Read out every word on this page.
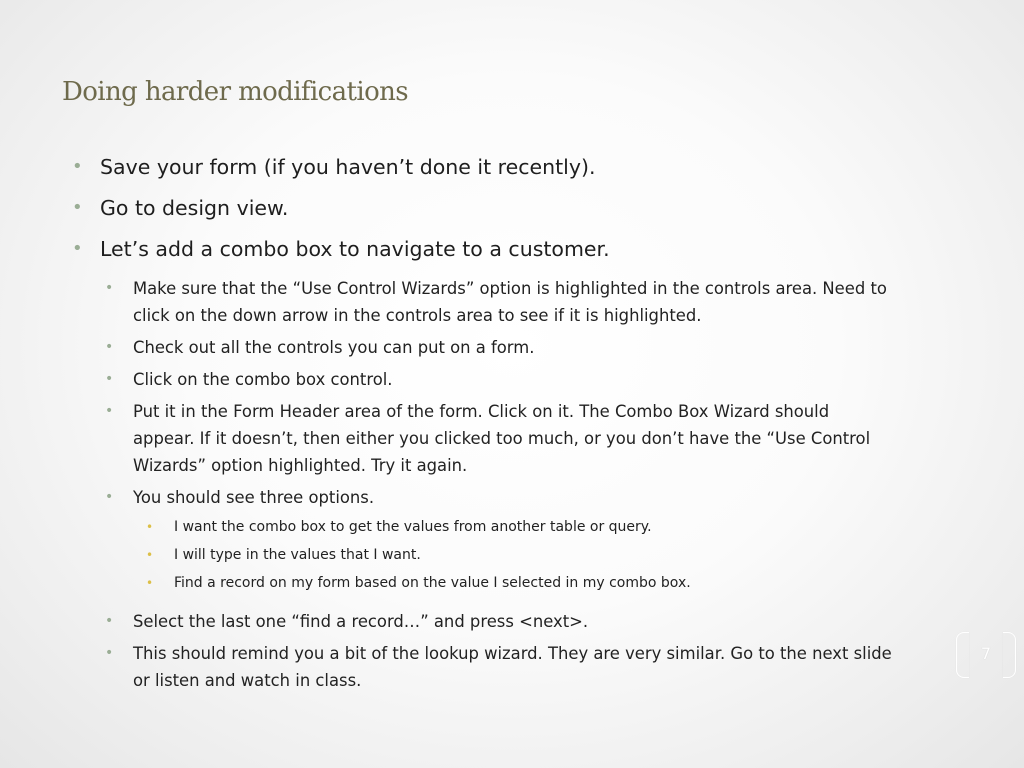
Doing harder modifications
• Save your form (if you haven’t done it recently).
• Go to design view.
• Let’s add a combo box to navigate to a customer.
• Make sure that the “Use Control Wizards” option is highlighted in the controls area. Need to click on the down arrow in the controls area to see if it is highlighted.
• Check out all the controls you can put on a form.
• Click on the combo box control.
• Put it in the Form Header area of the form. Click on it. The Combo Box Wizard should appear. If it doesn’t, then either you clicked too much, or you don’t have the “Use Control Wizards” option highlighted. Try it again.
• You should see three options.
• I want the combo box to get the values from another table or query.
• I will type in the values that I want.
• Find a record on my form based on the value I selected in my combo box.
• Select the last one “find a record…” and press <next>.
• This should remind you a bit of the lookup wizard. They are very similar. Go to the next slide or listen and watch in class.
7
